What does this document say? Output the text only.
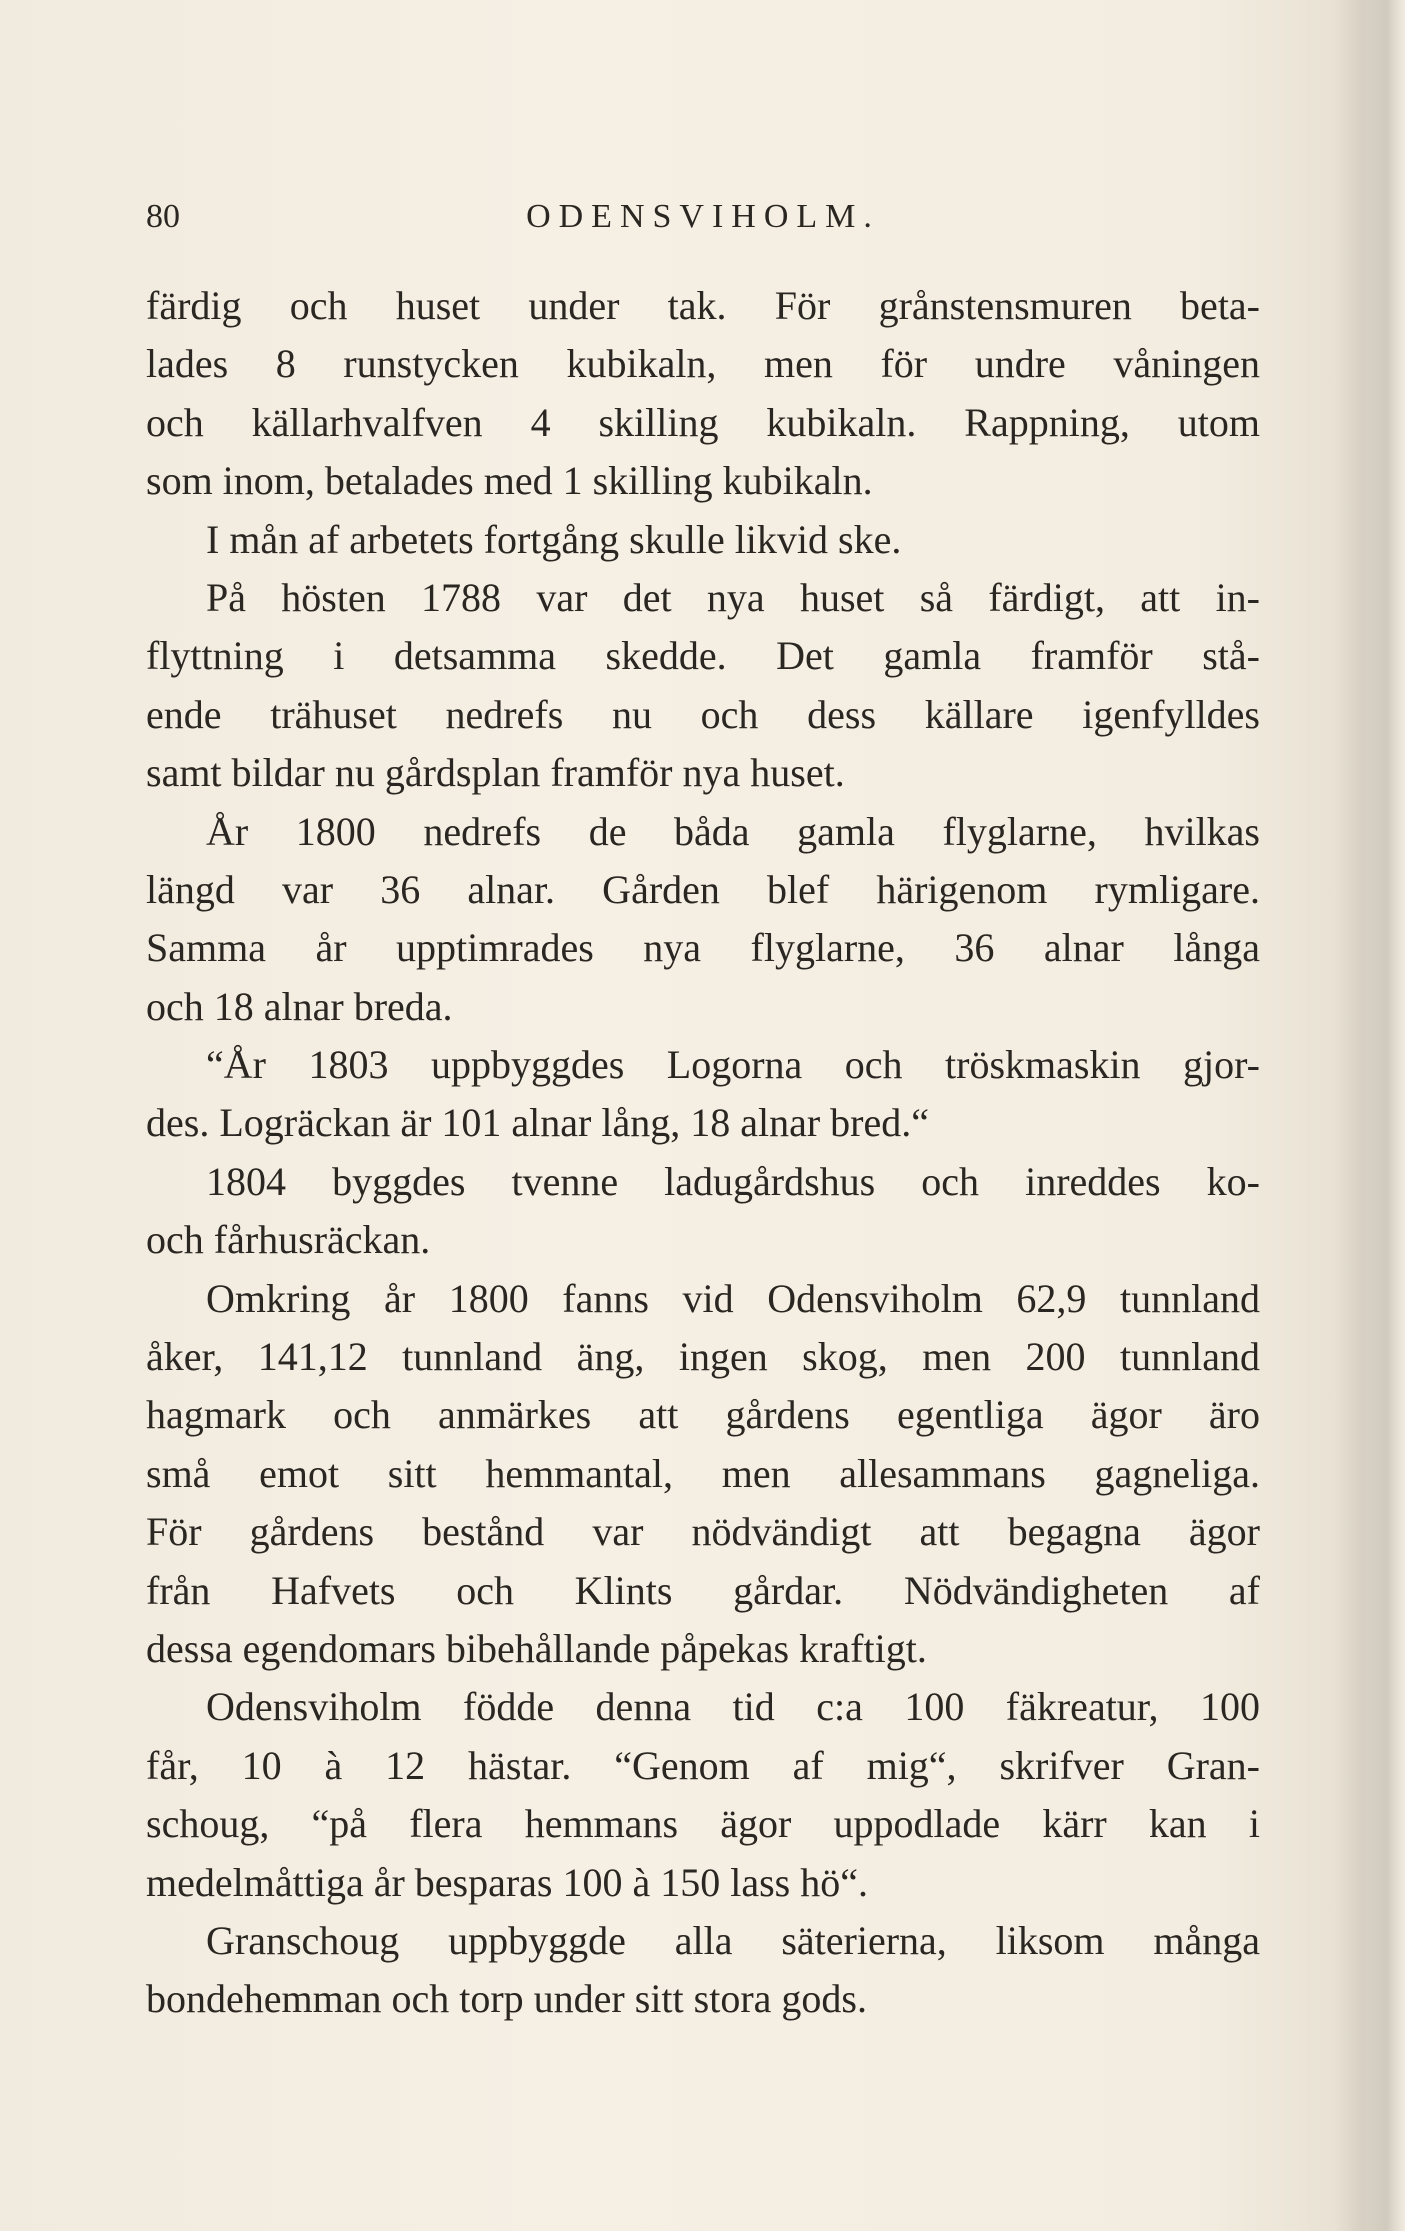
80	ODENSVIHOLM.
färdig och huset under tak. För grånstensmuren beta-
lades 8 runstycken kubikaln, men för undre våningen
och källarhvalfven 4 skilling kubikaln. Rappning, utom
som inom, betalades med 1 skilling kubikaln.
I mån af arbetets fortgång skulle likvid ske.
På hösten 1788 var det nya huset så färdigt, att in-
flyttning i detsamma skedde. Det gamla framför stå-
ende trähuset nedrefs nu och dess källare igenfylldes
samt bildar nu gårdsplan framför nya huset.
År 1800 nedrefs de båda gamla flyglarne, hvilkas
längd var 36 alnar. Gården blef härigenom rymligare.
Samma år upptimrades nya flyglarne, 36 alnar långa
och 18 alnar breda.
“År 1803 uppbyggdes Logorna och tröskmaskin gjor-
des. Logräckan är 101 alnar lång, 18 alnar bred.“
1804 byggdes tvenne ladugårdshus och inreddes ko-
och fårhusräckan.
Omkring år 1800 fanns vid Odensviholm 62,9 tunnland
åker, 141,12 tunnland äng, ingen skog, men 200 tunnland
hagmark och anmärkes att gårdens egentliga ägor äro
små emot sitt hemmantal, men allesammans gagneliga.
För gårdens bestånd var nödvändigt att begagna ägor
från Hafvets och Klints gårdar. Nödvändigheten af
dessa egendomars bibehållande påpekas kraftigt.
Odensviholm födde denna tid c:a 100 fäkreatur, 100
får, 10 à 12 hästar. “Genom af mig“, skrifver Gran-
schoug, “på flera hemmans ägor uppodlade kärr kan i
medelmåttiga år besparas 100 à 150 lass hö“.
Granschoug uppbyggde alla säterierna, liksom många
bondehemman och torp under sitt stora gods.
